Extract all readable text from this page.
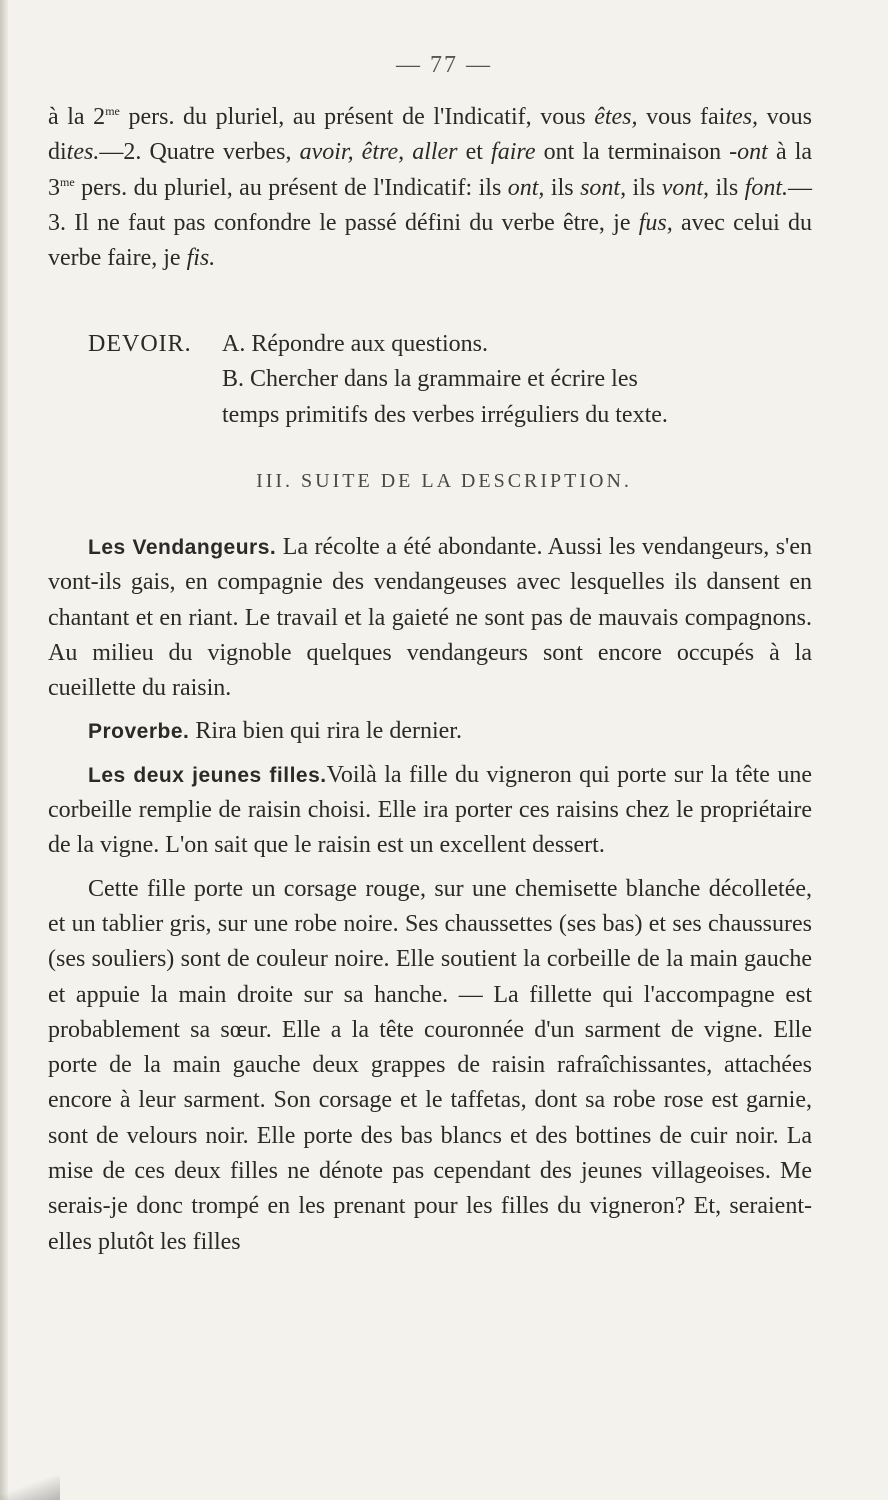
— 77 —

à la $2^{me}$ pers. du pluriel, au présent de l'Indicatif, vous êtes, vous faites, vous dites.—2. Quatre verbes, avoir, être, aller et faire ont la terminaison -ont à la $3^{me}$ pers. du pluriel, au présent de l'Indicatif: ils ont, ils sont, ils vont, ils font.—3. Il ne faut pas confondre le passé défini du verbe être, je fus, avec celui du verbe faire, je fis.

DEVOIR.	A. Répondre aux questions.
B. Chercher dans la grammaire et écrire les
temps primitifs des verbes irréguliers du texte.
III. SUITE DE LA DESCRIPTION.

Les Vendangeurs. La récolte a été abondante. Aussi les vendangeurs, s'en vont-ils gais, en compagnie des vendangeuses avec lesquelles ils dansent en chantant et en riant. Le travail et la gaieté ne sont pas de mauvais compagnons. Au milieu du vignoble quelques vendangeurs sont encore occupés à la cueillette du raisin.

Proverbe. Rira bien qui rira le dernier.

Les deux jeunes filles.Voilà la fille du vigneron qui porte sur la tête une corbeille remplie de raisin choisi. Elle ira porter ces raisins chez le propriétaire de la vigne. L'on sait que le raisin est un excellent dessert.

Cette fille porte un corsage rouge, sur une chemisette blanche décolletée, et un tablier gris, sur une robe noire. Ses chaussettes (ses bas) et ses chaussures (ses souliers) sont de couleur noire. Elle soutient la corbeille de la main gauche et appuie la main droite sur sa hanche. — La fillette qui l'accompagne est probablement sa sœur. Elle a la tête couronnée d'un sarment de vigne. Elle porte de la main gauche deux grappes de raisin rafraîchissantes, attachées encore à leur sarment. Son corsage et le taffetas, dont sa robe rose est garnie, sont de velours noir. Elle porte des bas blancs et des bottines de cuir noir. La mise de ces deux filles ne dénote pas cependant des jeunes villageoises. Me serais-je donc trompé en les prenant pour les filles du vigneron? Et, seraient-elles plutôt les filles
